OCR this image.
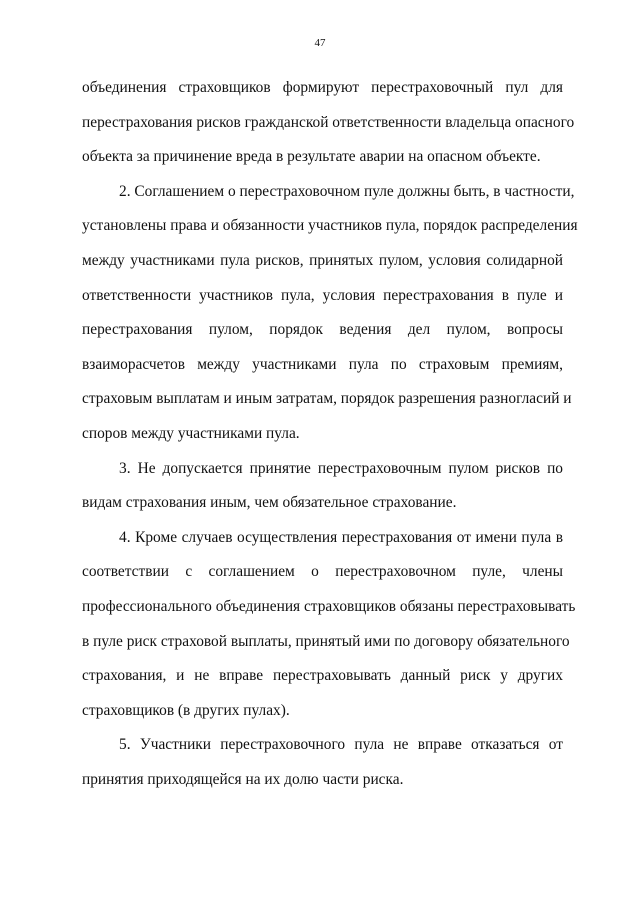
47
объединения страховщиков формируют перестраховочный пул для
перестрахования рисков гражданской ответственности владельца опасного
объекта за причинение вреда в результате аварии на опасном объекте.
2. Соглашением о перестраховочном пуле должны быть, в частности,
установлены права и обязанности участников пула, порядок распределения
между участниками пула рисков, принятых пулом, условия солидарной
ответственности участников пула, условия перестрахования в пуле и
перестрахования пулом, порядок ведения дел пулом, вопросы
взаиморасчетов между участниками пула по страховым премиям,
страховым выплатам и иным затратам, порядок разрешения разногласий и
споров между участниками пула.
3. Не допускается принятие перестраховочным пулом рисков по
видам страхования иным, чем обязательное страхование.
4. Кроме случаев осуществления перестрахования от имени пула в
соответствии с соглашением о перестраховочном пуле, члены
профессионального объединения страховщиков обязаны перестраховывать
в пуле риск страховой выплаты, принятый ими по договору обязательного
страхования, и не вправе перестраховывать данный риск у других
страховщиков (в других пулах).
5. Участники перестраховочного пула не вправе отказаться от
принятия приходящейся на их долю части риска.
